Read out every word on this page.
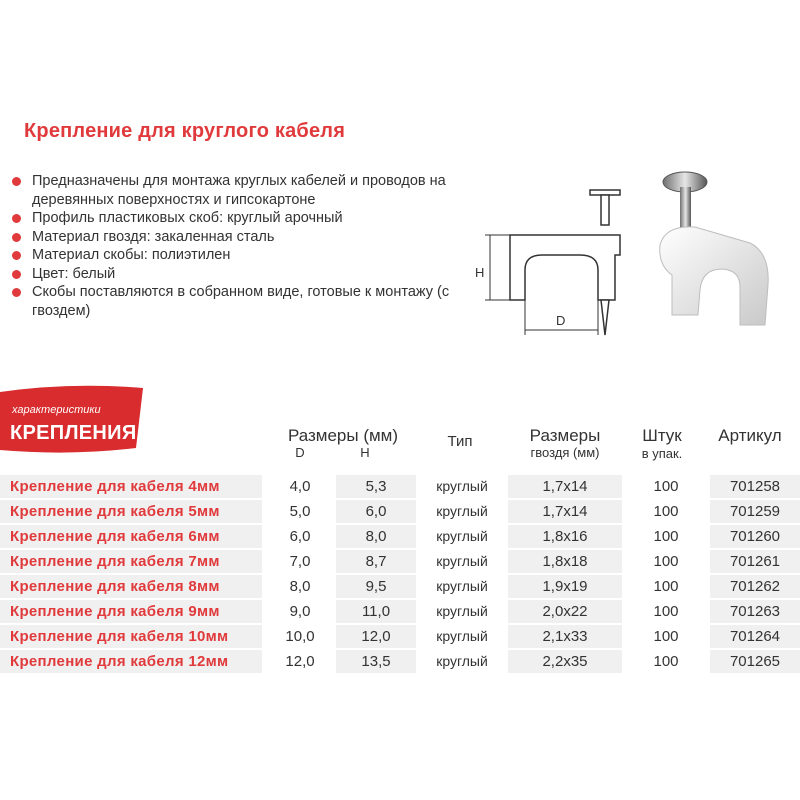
Крепление для круглого кабеля
Предназначены для монтажа круглых кабелей и проводов на деревянных поверхностях и гипсокартоне
Профиль пластиковых скоб: круглый арочный
Материал гвоздя: закаленная сталь
Материал скобы: полиэтилен
Цвет: белый
Скобы поставляются в собранном виде, готовые к монтажу (с гвоздем)
H
D
характеристики
КРЕПЛЕНИЯ	Размеры (мм)
D	H
Тип	Размеры
гвоздя (мм)
Штук
в упак.
Артикул
Крепление для кабеля 4мм	4,0	5,3	круглый	1,7x14	100	701258
Крепление для кабеля 5мм	5,0	6,0	круглый	1,7x14	100	701259
Крепление для кабеля 6мм	6,0	8,0	круглый	1,8x16	100	701260
Крепление для кабеля 7мм	7,0	8,7	круглый	1,8x18	100	701261
Крепление для кабеля 8мм	8,0	9,5	круглый	1,9x19	100	701262
Крепление для кабеля 9мм	9,0	11,0	круглый	2,0x22	100	701263
Крепление для кабеля 10мм	10,0	12,0	круглый	2,1x33	100	701264
Крепление для кабеля 12мм	12,0	13,5	круглый	2,2x35	100	701265
